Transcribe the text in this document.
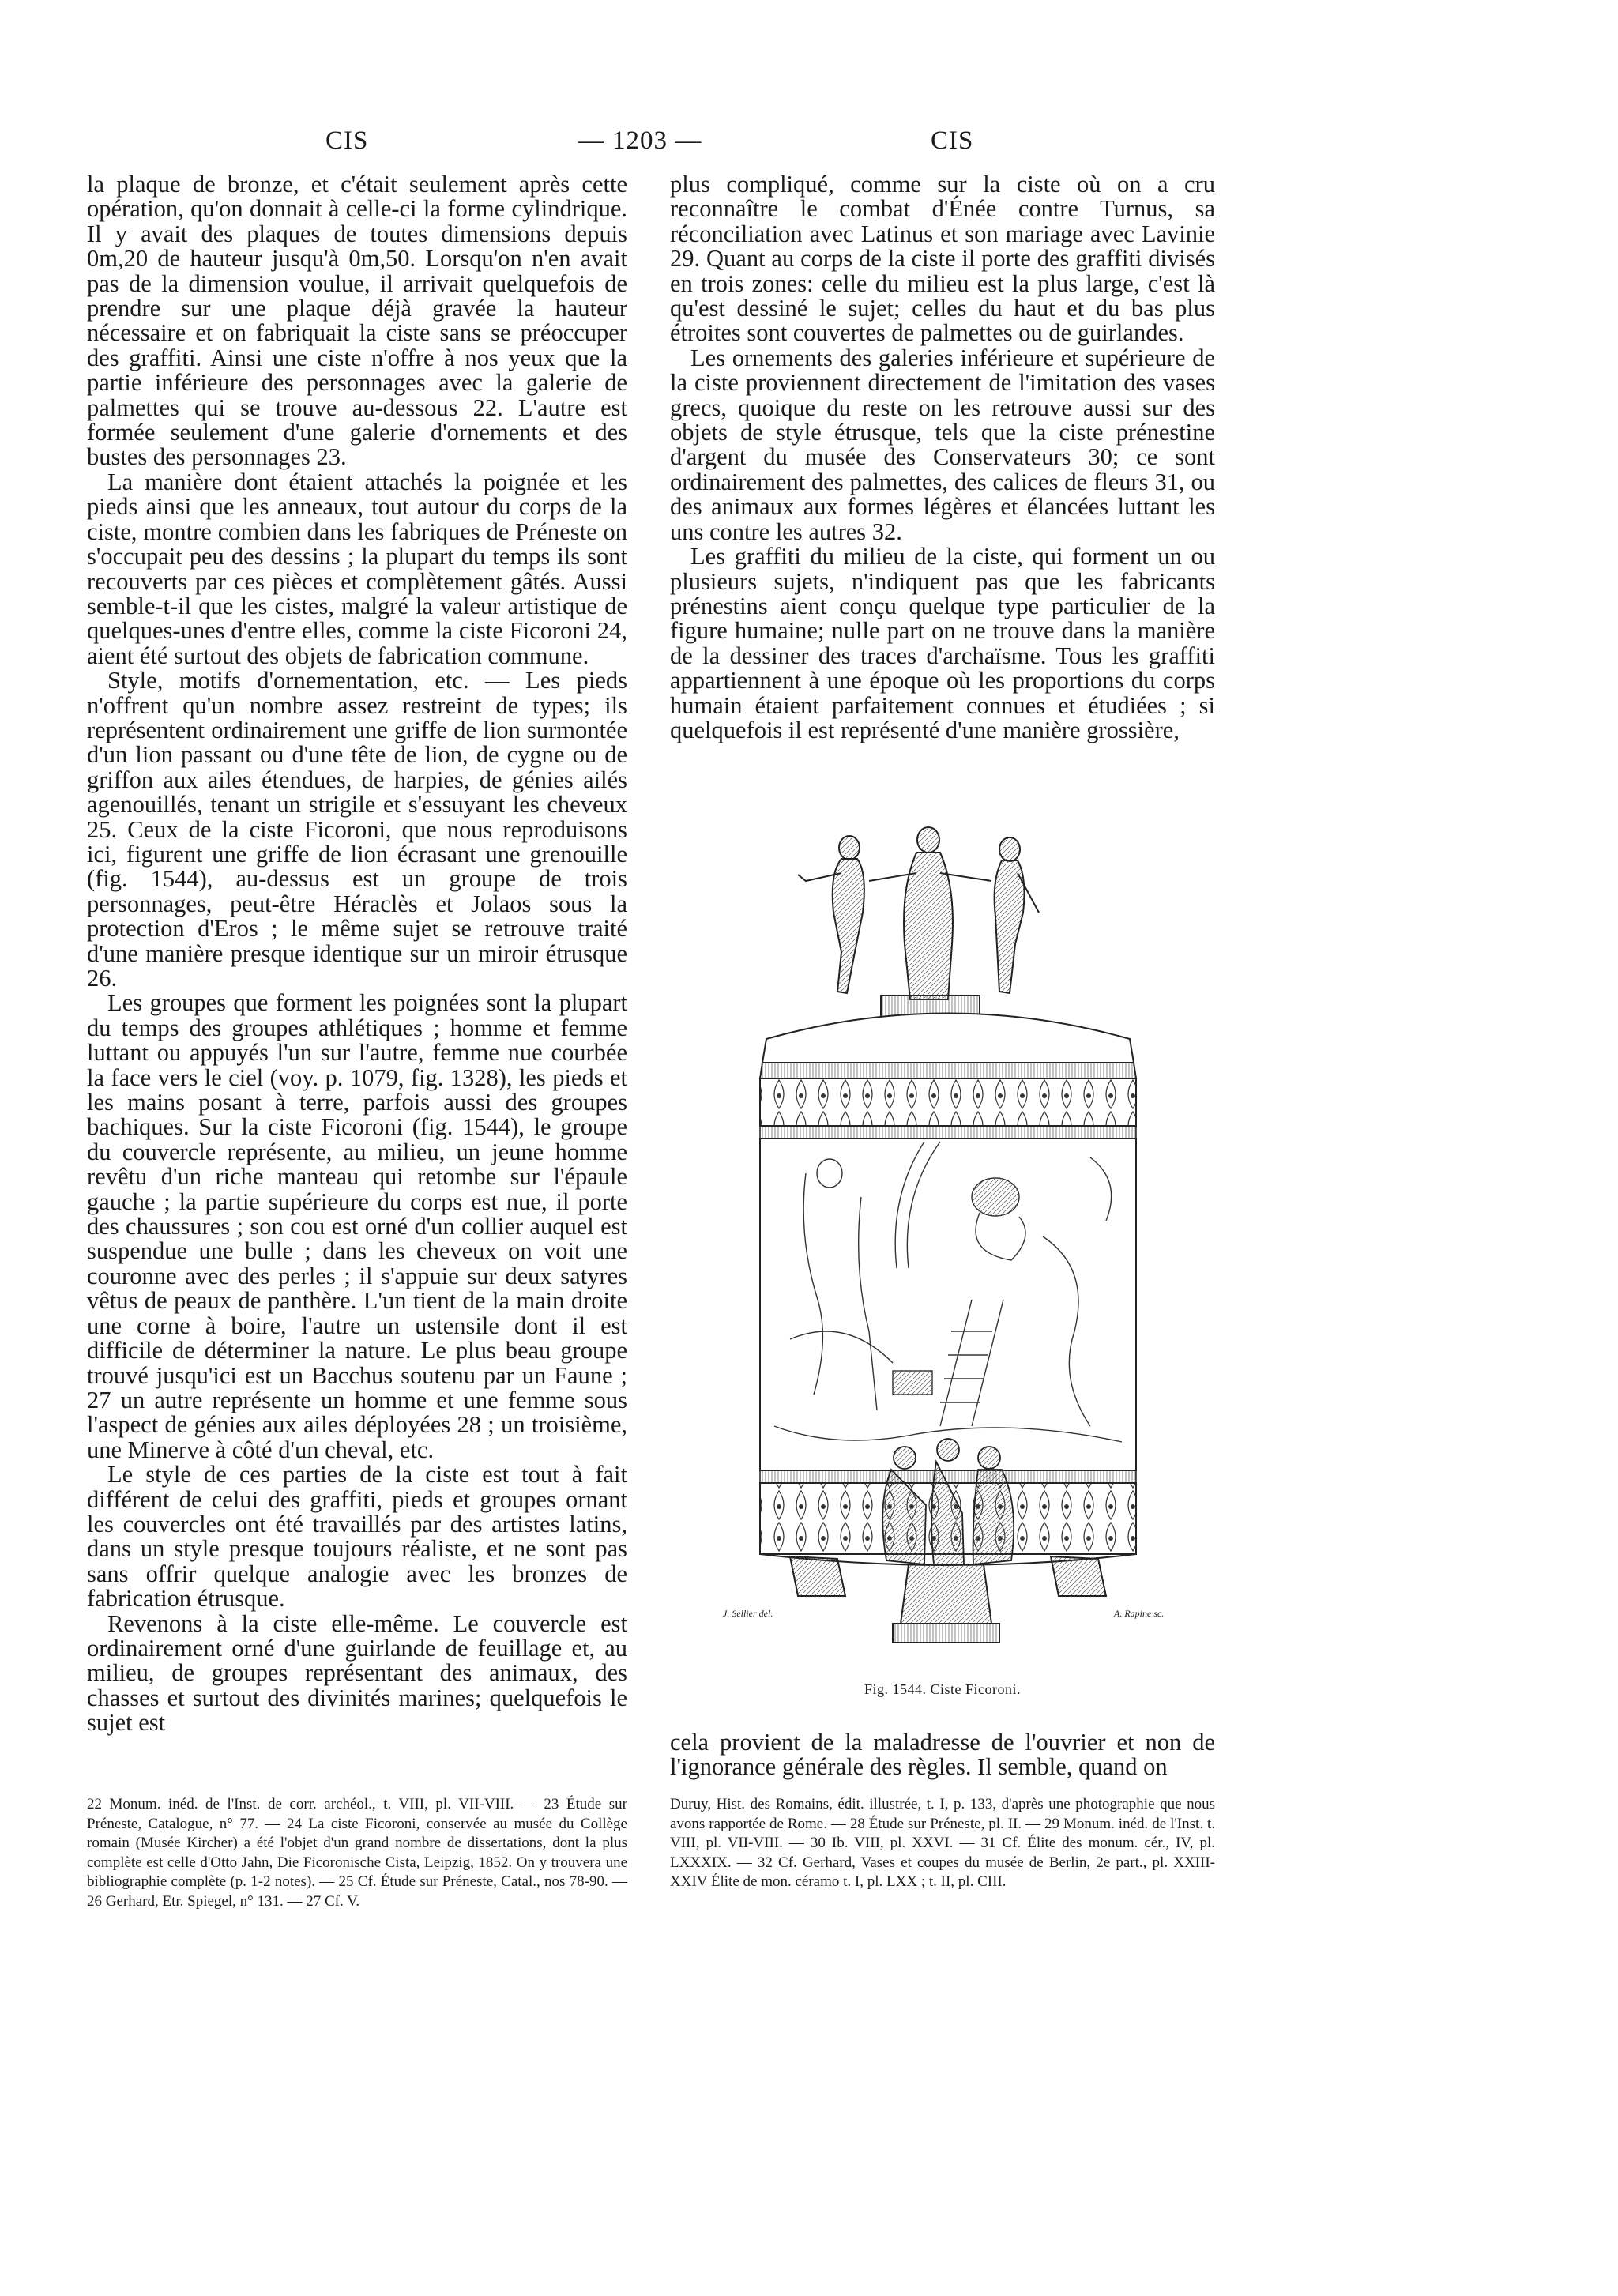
CIS	— 1203 —	CIS

la plaque de bronze, et c'était seulement après cette opération, qu'on donnait à celle-ci la forme cylindrique. Il y avait des plaques de toutes dimensions depuis 0m,20 de hauteur jusqu'à 0m,50. Lorsqu'on n'en avait pas de la dimension voulue, il arrivait quelquefois de prendre sur une plaque déjà gravée la hauteur nécessaire et on fabriquait la ciste sans se préoccuper des graffiti. Ainsi une ciste n'offre à nos yeux que la partie inférieure des personnages avec la galerie de palmettes qui se trouve au-dessous 22. L'autre est formée seulement d'une galerie d'ornements et des bustes des personnages 23.

La manière dont étaient attachés la poignée et les pieds ainsi que les anneaux, tout autour du corps de la ciste, montre combien dans les fabriques de Préneste on s'occupait peu des dessins ; la plupart du temps ils sont recouverts par ces pièces et complètement gâtés. Aussi semble-t-il que les cistes, malgré la valeur artistique de quelques-unes d'entre elles, comme la ciste Ficoroni 24, aient été surtout des objets de fabrication commune.

Style, motifs d'ornementation, etc. — Les pieds n'offrent qu'un nombre assez restreint de types; ils représentent ordinairement une griffe de lion surmontée d'un lion passant ou d'une tête de lion, de cygne ou de griffon aux ailes étendues, de harpies, de génies ailés agenouillés, tenant un strigile et s'essuyant les cheveux 25. Ceux de la ciste Ficoroni, que nous reproduisons ici, figurent une griffe de lion écrasant une grenouille (fig. 1544), au-dessus est un groupe de trois personnages, peut-être Héraclès et Jolaos sous la protection d'Eros ; le même sujet se retrouve traité d'une manière presque identique sur un miroir étrusque 26.

Les groupes que forment les poignées sont la plupart du temps des groupes athlétiques ; homme et femme luttant ou appuyés l'un sur l'autre, femme nue courbée la face vers le ciel (voy. p. 1079, fig. 1328), les pieds et les mains posant à terre, parfois aussi des groupes bachiques. Sur la ciste Ficoroni (fig. 1544), le groupe du couvercle représente, au milieu, un jeune homme revêtu d'un riche manteau qui retombe sur l'épaule gauche ; la partie supérieure du corps est nue, il porte des chaussures ; son cou est orné d'un collier auquel est suspendue une bulle ; dans les cheveux on voit une couronne avec des perles ; il s'appuie sur deux satyres vêtus de peaux de panthère. L'un tient de la main droite une corne à boire, l'autre un ustensile dont il est difficile de déterminer la nature. Le plus beau groupe trouvé jusqu'ici est un Bacchus soutenu par un Faune ; 27 un autre représente un homme et une femme sous l'aspect de génies aux ailes déployées 28 ; un troisième, une Minerve à côté d'un cheval, etc.

Le style de ces parties de la ciste est tout à fait différent de celui des graffiti, pieds et groupes ornant les couvercles ont été travaillés par des artistes latins, dans un style presque toujours réaliste, et ne sont pas sans offrir quelque analogie avec les bronzes de fabrication étrusque.

Revenons à la ciste elle-même. Le couvercle est ordinairement orné d'une guirlande de feuillage et, au milieu, de groupes représentant des animaux, des chasses et surtout des divinités marines; quelquefois le sujet est

plus compliqué, comme sur la ciste où on a cru reconnaître le combat d'Énée contre Turnus, sa réconciliation avec Latinus et son mariage avec Lavinie 29. Quant au corps de la ciste il porte des graffiti divisés en trois zones: celle du milieu est la plus large, c'est là qu'est dessiné le sujet; celles du haut et du bas plus étroites sont couvertes de palmettes ou de guirlandes.

Les ornements des galeries inférieure et supérieure de la ciste proviennent directement de l'imitation des vases grecs, quoique du reste on les retrouve aussi sur des objets de style étrusque, tels que la ciste prénestine d'argent du musée des Conservateurs 30; ce sont ordinairement des palmettes, des calices de fleurs 31, ou des animaux aux formes légères et élancées luttant les uns contre les autres 32.

Les graffiti du milieu de la ciste, qui forment un ou plusieurs sujets, n'indiquent pas que les fabricants prénestins aient conçu quelque type particulier de la figure humaine; nulle part on ne trouve dans la manière de la dessiner des traces d'archaïsme. Tous les graffiti appartiennent à une époque où les proportions du corps humain étaient parfaitement connues et étudiées ; si quelquefois il est représenté d'une manière grossière,

J. Sellier del.	A. Rapine sc.
Fig. 1544. Ciste Ficoroni.

cela provient de la maladresse de l'ouvrier et non de l'ignorance générale des règles. Il semble, quand on

22 Monum. inéd. de l'Inst. de corr. archéol., t. VIII, pl. VII-VIII. — 23 Étude sur Préneste, Catalogue, n° 77. — 24 La ciste Ficoroni, conservée au musée du Collège romain (Musée Kircher) a été l'objet d'un grand nombre de dissertations, dont la plus complète est celle d'Otto Jahn, Die Ficoronische Cista, Leipzig, 1852. On y trouvera une bibliographie complète (p. 1-2 notes). — 25 Cf. Étude sur Préneste, Catal., nos 78-90. — 26 Gerhard, Etr. Spiegel, n° 131. — 27 Cf. V.
Duruy, Hist. des Romains, édit. illustrée, t. I, p. 133, d'après une photographie que nous avons rapportée de Rome. — 28 Étude sur Préneste, pl. II. — 29 Monum. inéd. de l'Inst. t. VIII, pl. VII-VIII. — 30 Ib. VIII, pl. XXVI. — 31 Cf. Élite des monum. cér., IV, pl. LXXXIX. — 32 Cf. Gerhard, Vases et coupes du musée de Berlin, 2e part., pl. XXIII-XXIV Élite de mon. céramo t. I, pl. LXX ; t. II, pl. CIII.
